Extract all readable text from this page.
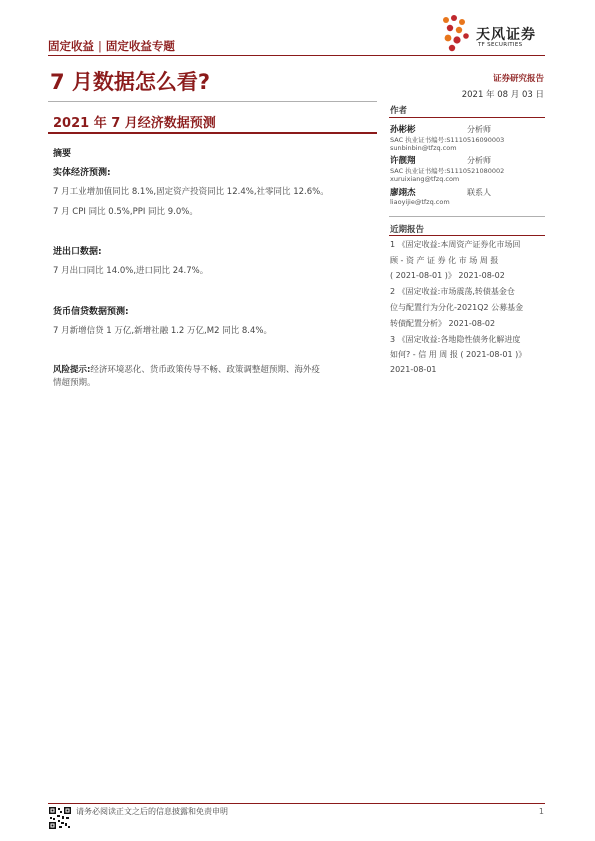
固定收益 | 固定收益专题
天风证券
TF SECURITIES
7 月数据怎么看?	证券研究报告
2021 年 08 月 03 日
2021 年 7 月经济数据预测
摘要
实体经济预测:
7 月工业增加值同比 8.1%,固定资产投资同比 12.4%,社零同比 12.6%。
7 月 CPI 同比 0.5%,PPI 同比 9.0%。
进出口数据:
7 月出口同比 14.0%,进口同比 24.7%。
货币信贷数据预测:
7 月新增信贷 1 万亿,新增社融 1.2 万亿,M2 同比 8.4%。
风险提示:经济环境恶化、货币政策传导不畅、政策调整超预期、海外疫
情超预期。
作者
孙彬彬	分析师
SAC 执业证书编号:S1110516090003
sunbinbin@tfzq.com
许靓翔	分析师
SAC 执业证书编号:S1110521080002
xuruixiang@tfzq.com
廖翊杰	联系人
liaoyijie@tfzq.com
近期报告
1 《固定收益:本周资产证券化市场回
顾 - 资 产 证 券 化 市 场 周 报
( 2021-08-01 )》 2021-08-02
2 《固定收益:市场震荡,转债基金仓
位与配置行为分化-2021Q2 公募基金
转债配置分析》 2021-08-02
3 《固定收益:各地隐性债务化解进度
如何? - 信 用 周 报 ( 2021-08-01 )》
2021-08-01
请务必阅读正文之后的信息披露和免责申明	1
